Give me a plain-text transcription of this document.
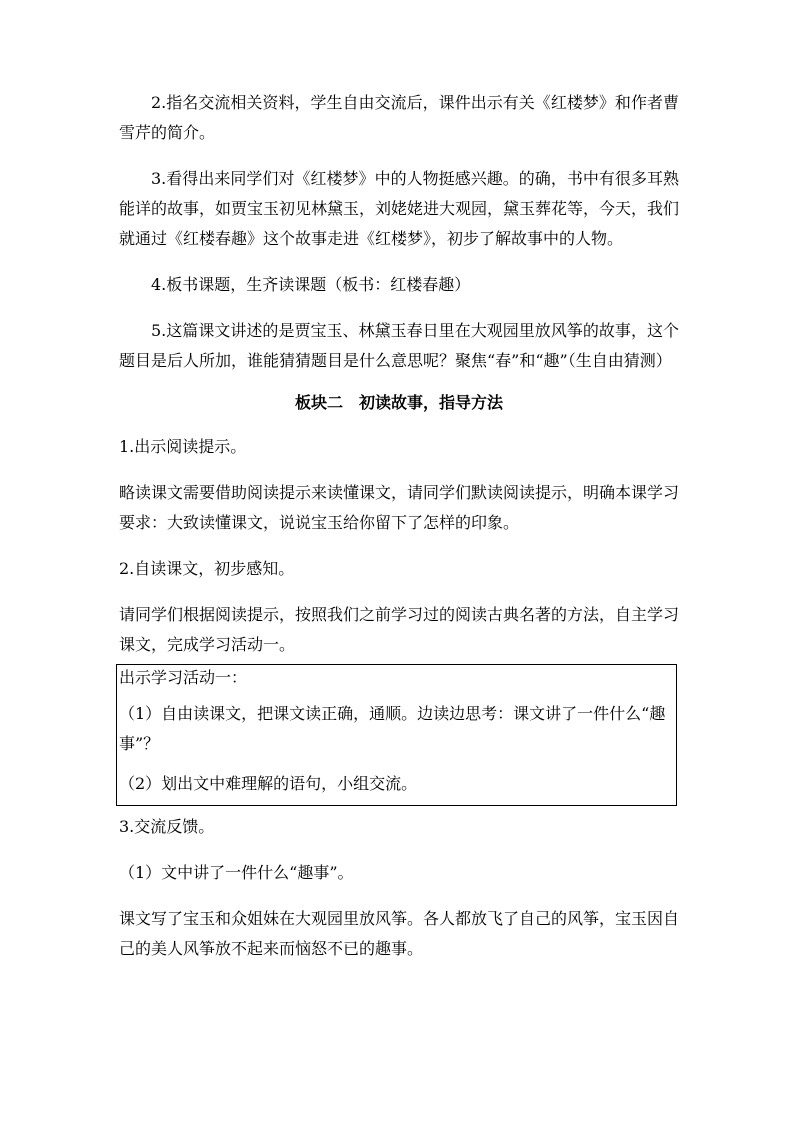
2.指名交流相关资料，学生自由交流后，课件出示有关《红楼梦》和作者曹雪芹的简介。

3.看得出来同学们对《红楼梦》中的人物挺感兴趣。的确，书中有很多耳熟能详的故事，如贾宝玉初见林黛玉，刘姥姥进大观园，黛玉葬花等，今天，我们就通过《红楼春趣》这个故事走进《红楼梦》，初步了解故事中的人物。

4.板书课题，生齐读课题（板书：红楼春趣）

5.这篇课文讲述的是贾宝玉、林黛玉春日里在大观园里放风筝的故事，这个题目是后人所加，谁能猜猜题目是什么意思呢？聚焦“春”和“趣”（生自由猜测）

板块二　初读故事，指导方法

1.出示阅读提示。

略读课文需要借助阅读提示来读懂课文，请同学们默读阅读提示，明确本课学习要求：大致读懂课文，说说宝玉给你留下了怎样的印象。

2.自读课文，初步感知。

请同学们根据阅读提示，按照我们之前学习过的阅读古典名著的方法，自主学习课文，完成学习活动一。

出示学习活动一：

（1）自由读课文，把课文读正确，通顺。边读边思考：课文讲了一件什么“趣事”？

（2）划出文中难理解的语句，小组交流。

3.交流反馈。

（1）文中讲了一件什么“趣事”。

课文写了宝玉和众姐妹在大观园里放风筝。各人都放飞了自己的风筝，宝玉因自己的美人风筝放不起来而恼怒不已的趣事。
